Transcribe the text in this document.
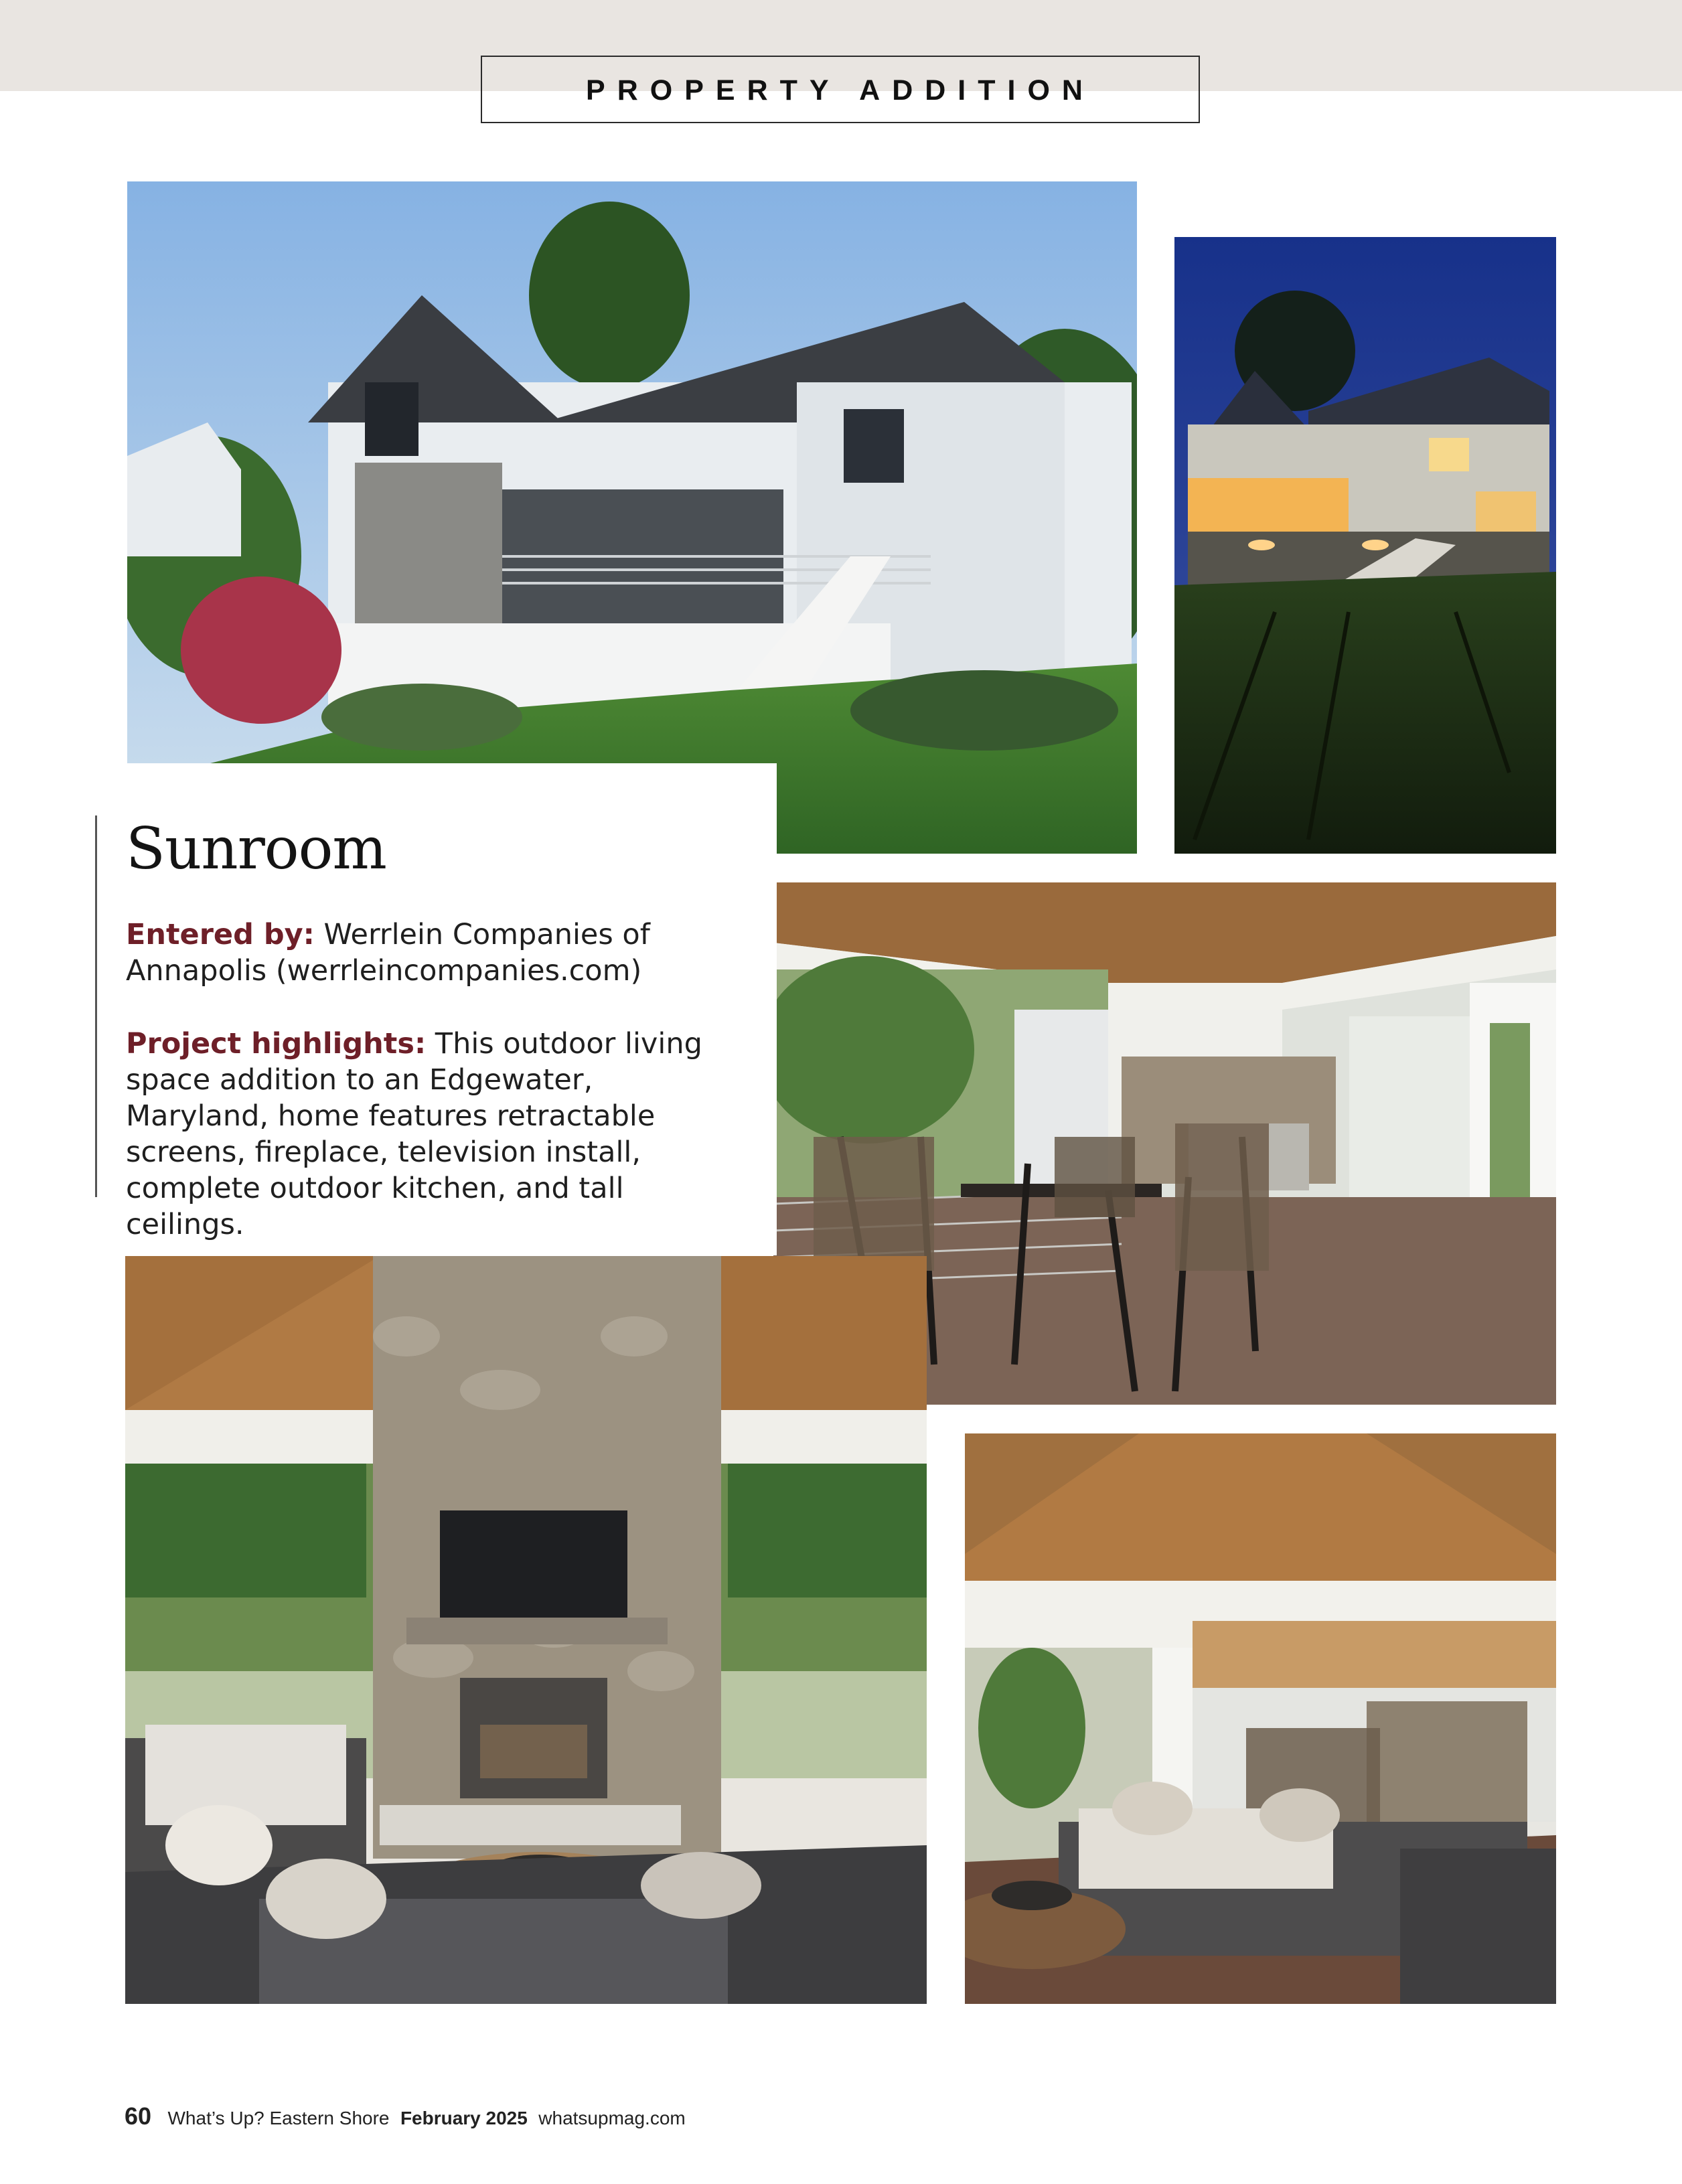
PROPERTY ADDITION
Sunroom
Entered by: Werrlein Companies of Annapolis (werrleincompanies.com)
Project highlights: This outdoor living space addition to an Edgewater, Maryland, home features retractable screens, fireplace, television install, complete outdoor kitchen, and tall ceilings.
60 What’s Up? Eastern Shore February 2025 whatsupmag.com
